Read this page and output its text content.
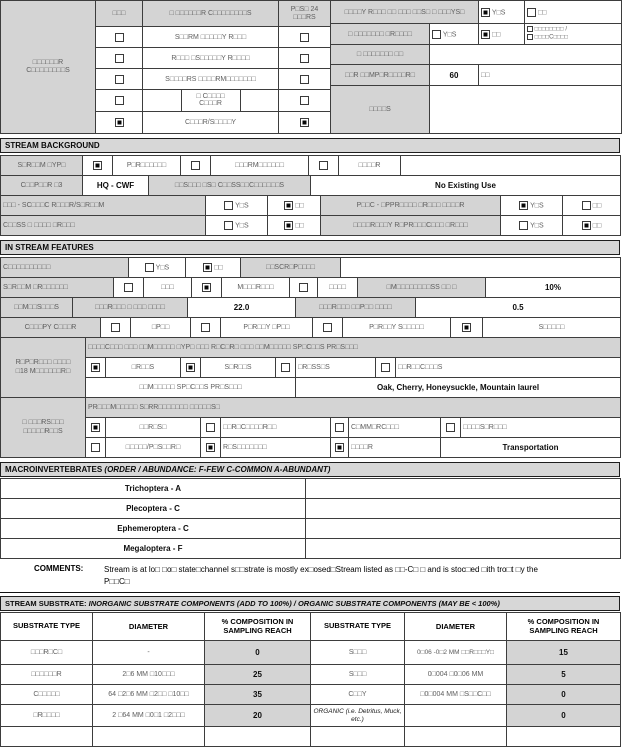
□□□□□□R
C□□□□□□□□S
	□□□	□ □□□□□□R C□□□□□□□□S	
P□S□ 24
□□□RS

		S□□RM □□□□□Y R□□□	
		R□□□ □S□□□□□Y R□□□□	
		S□□□□RS □□□□RM□□□□□□□	

		□ C□□□□
C□□□R	

		C□□□R/S□□□□Y	
□□□□Y R□□□ □□ □□□ □□S□ □ □□□YS□		Y□S	□□
□ □□□□□□□ □R□□□□	Y□S	□□	□□□□□□□□ /
□□□□C□□□□

□ □□□□□□□ □□			
□□R □□MP□R□□□□R□	60	□□	
□□□□S			
STREAM BACKGROUND
S□R□□M □YP□		P□R□□□□□□		□□□RM□□□□□□		□□□□R	
C□□P□□R □3	HQ - CWF	□□S□□□ □S□ C□□SS□□C□□□□□□S	No Existing Use
□□□ - SC□□□C R□□□R/S□R□□M	Y□S	□□	P□□C - □PPR□□□□ □R□□□ □□□□R	Y□S	□□
C□□SS □ □□□□ □R□□□	Y□S	□□	□□□□R□□□Y R□PR□□□C□□□ □R□□□	Y□S	□□
IN STREAM FEATURES
C□□□□□□□□□□	Y□S	□□	□□SCR□P□□□□	
S□R□□M □R□□□□□□		□□□		M□□□R□□□		□□□□	□M□□□□□□□□SS □□ □	10%
□□M□□S□□□S	□□□R□□□ □ □□□ □□□□	22.0	□□□R□□□ □□P□□ □□□□	0.5
C□□□PY C□□□R		□P□□		P□R□□Y □P□□		P□R□□Y S□□□□□		S□□□□□
R□P□R□□□ □□□□
□18 M□□□□□□R□	□□□□C□□□ □□□ □□M□□□□□ □YP□ □□□ R□C□R□ □□□ □□M□□□□□ SP□C□□S PR□S□□□							
		□R□□S		S□R□□S		□R□SS□S		□□R□□C□□□S
	□□M□□□□□ SP□C□□S PR□S□□□					Oak, Cherry, Honeysuckle, Mountain laurel		
□ □□□RS□□□
□□□□□R□□S	PR□□□M□□□□□ S□RR□□□□□□□ □□□□□S□							
		□□R□S□		□□R□C□□□□R□□		C□MM□RC□□□		□□□□S□R□□□
		□□□□□/P□S□□R□		R□S□□□□□□□		□□□□R	Transportation	
MACROINVERTEBRATES (ORDER / ABUNDANCE: F-FEW C-COMMON A-ABUNDANT)
Trichoptera - A	
Plecoptera - C	
Ephemeroptera - C	
Megaloptera - F	
COMMENTS:	Stream is at lo□ □o□ state□channel s□□strate is mostly ex□osed□Stream listed as □□-C□ □ and is stoc□ed □ith tro□t □y the
P□□C□
STREAM SUBSTRATE: INORGANIC SUBSTRATE COMPONENTS (ADD TO 100%) / ORGANIC SUBSTRATE COMPONENTS (MAY BE < 100%)
SUBSTRATE TYPE	DIAMETER	% COMPOSITION IN SAMPLING REACH	SUBSTRATE TYPE	DIAMETER	% COMPOSITION IN SAMPLING REACH
□□□R□C□	-	0	S□□□	0□06 -0□2 MM □□R□□□Y□	15
□□□□□□R	2□6 MM □10□□□	25	S□□□	0□004 □0□06 MM	5
C□□□□□	64 □2□6 MM □2□□ □10□□	35	C□□Y	□0□004 MM □S□□C□□	0
□R□□□□	2 □64 MM □0□1 □2□□□	20	ORGANIC (i.e. Detritus, Muck, etc.)		0
